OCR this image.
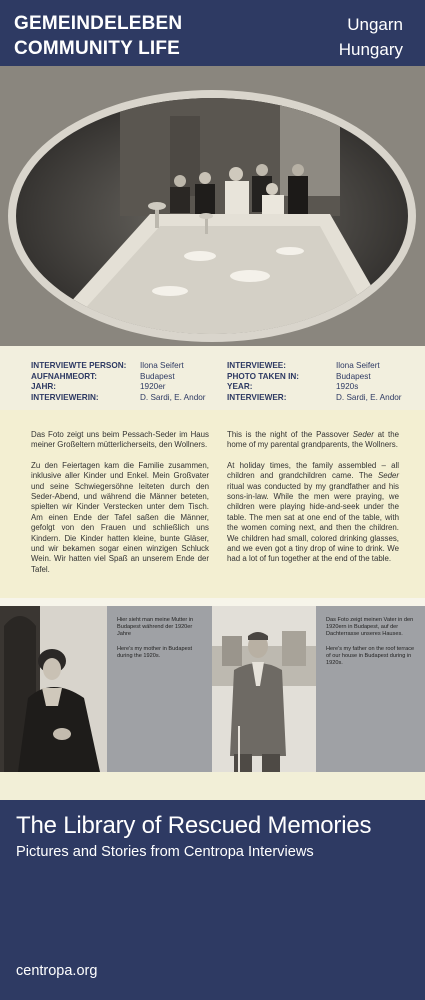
GEMEINDELEBEN
COMMUNITY LIFE
Ungarn
Hungary
INTERVIEWTE PERSON:
AUFNAHMEORT:
JAHR:
INTERVIEWERIN:
Ilona Seifert
Budapest
1920er
D. Sardi, E. Andor
INTERVIEWEE:
PHOTO TAKEN IN:
YEAR:
INTERVIEWER:
Ilona Seifert
Budapest
1920s
D. Sardi, E. Andor

Das Foto zeigt uns beim Pessach-Seder im Haus meiner Großeltern mütterlicherseits, den Wollners.

Zu den Feiertagen kam die Familie zusammen, inklusive aller Kinder und Enkel. Mein Großvater und seine Schwiegersöhne leiteten durch den Seder-Abend, und während die Männer beteten, spielten wir Kinder Verstecken unter dem Tisch. Am einen Ende der Tafel saßen die Männer, gefolgt von den Frauen und schließlich uns Kindern. Die Kinder hatten kleine, bunte Gläser, und wir bekamen sogar einen winzigen Schluck Wein. Wir hatten viel Spaß an unserem Ende der Tafel.

This is the night of the Passover Seder at the home of my parental grandparents, the Wollners.

At holiday times, the family assembled – all children and grandchildren came. The Seder ritual was conducted by my grandfather and his sons-in-law. While the men were praying, we children were playing hide-and-seek under the table. The men sat at one end of the table, with the women coming next, and then the children. We children had small, colored drinking glasses, and we even got a tiny drop of wine to drink. We had a lot of fun together at the end of the table.

Hier sieht man meine Mutter in Budapest während der 1920er Jahre

Here's my mother in Budapest during the 1920s.

Das Foto zeigt meinen Vater in den 1920ern in Budapest, auf der Dachterrasse unseres Hauses.

Here's my father on the roof terrace of our house in Budapest during in 1920s.

The Library of Rescued Memories
Pictures and Stories from Centropa Interviews
centropa.org
